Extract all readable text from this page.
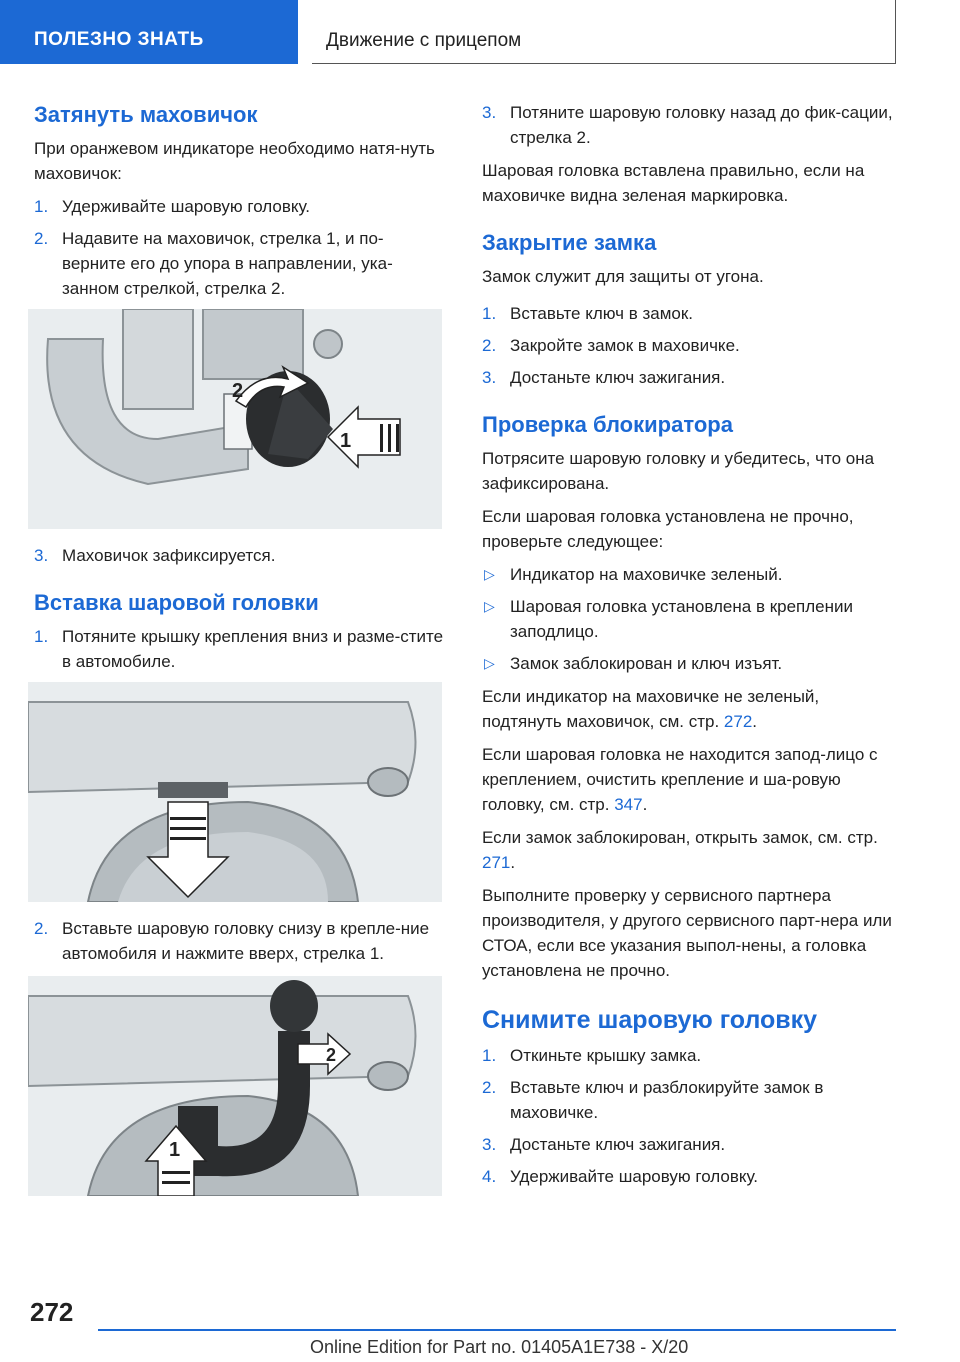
ПОЛЕЗНО ЗНАТЬ	Движение с прицепом
Затянуть маховичок

При оранжевом индикаторе необходимо натя-нуть маховичок:

1. Удерживайте шаровую головку.
2. Надавите на маховичок, стрелка 1, и по-верните его до упора в направлении, ука-занном стрелкой, стрелка 2.
2
1
3. Маховичок зафиксируется.
Вставка шаровой головки
1. Потяните крышку крепления вниз и разме-стите в автомобиле.
2. Вставьте шаровую головку снизу в крепле-ние автомобиля и нажмите вверх, стрелка 1.
2
1
3. Потяните шаровую головку назад до фик-сации, стрелка 2.

Шаровая головка вставлена правильно, если на маховичке видна зеленая маркировка.

Закрытие замка

Замок служит для защиты от угона.

1. Вставьте ключ в замок.
2. Закройте замок в маховичке.
3. Достаньте ключ зажигания.
Проверка блокиратора

Потрясите шаровую головку и убедитесь, что она зафиксирована.

Если шаровая головка установлена не прочно, проверьте следующее:

▷ Индикатор на маховичке зеленый.
▷ Шаровая головка установлена в креплении заподлицо.
▷ Замок заблокирован и ключ изъят.

Если индикатор на маховичке не зеленый, подтянуть маховичок, см. стр. 272.

Если шаровая головка не находится запод-лицо с креплением, очистить крепление и ша-ровую головку, см. стр. 347.

Если замок заблокирован, открыть замок, см. стр. 271.

Выполните проверку у сервисного партнера производителя, у другого сервисного парт-нера или СТОА, если все указания выпол-нены, а головка установлена не прочно.

Снимите шаровую головку
1. Откиньте крышку замка.
2. Вставьте ключ и разблокируйте замок в маховичке.
3. Достаньте ключ зажигания.
4. Удерживайте шаровую головку.
272
Online Edition for Part no. 01405A1E738 - X/20
